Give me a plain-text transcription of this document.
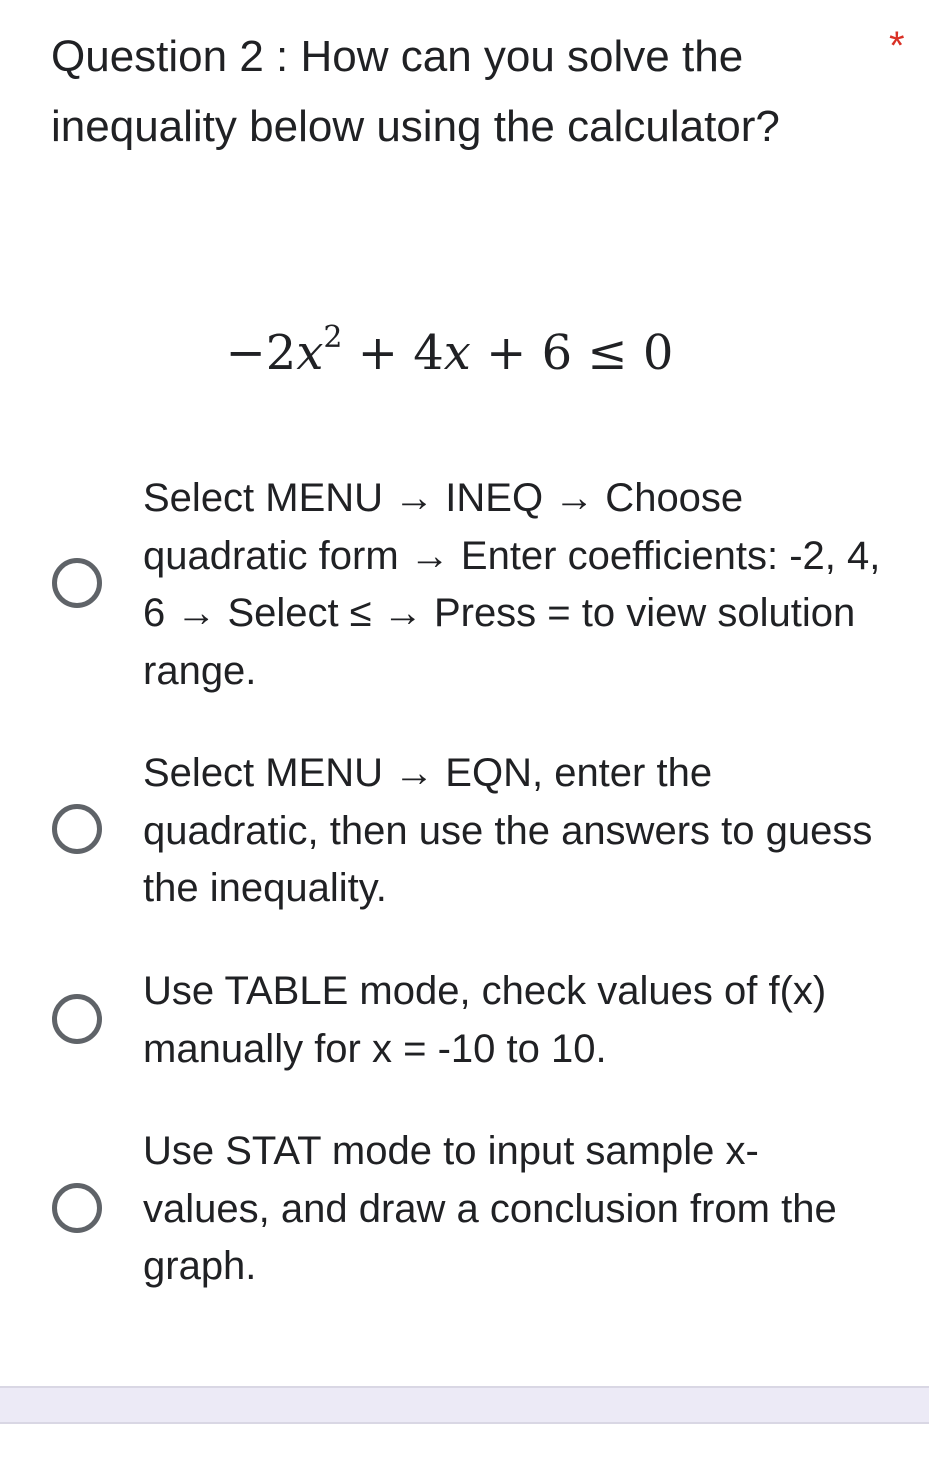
Question 2 : How can you solve the inequality below using the calculator?
*
$-2x^2 + 4x + 6 \le 0$
Select MENU → INEQ → Choose quadratic form → Enter coefficients: -2, 4, 6 → Select ≤ → Press = to view solution range.
Select MENU → EQN, enter the quadratic, then use the answers to guess the inequality.
Use TABLE mode, check values of f(x) manually for x = -10 to 10.
Use STAT mode to input sample x-values, and draw a conclusion from the graph.
